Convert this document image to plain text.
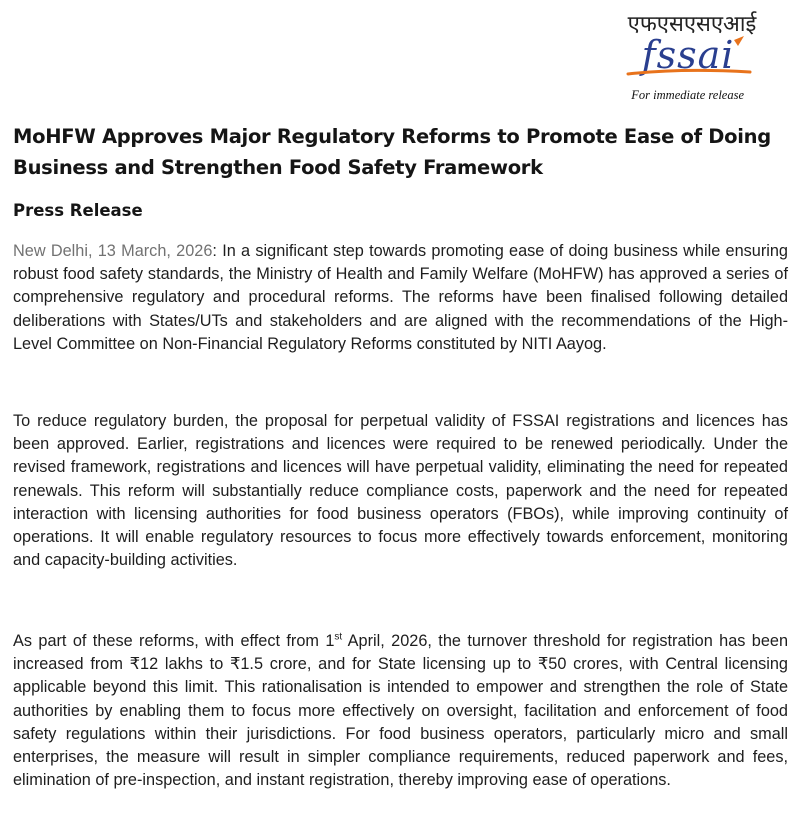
एफएसएसएआई
fssai
For immediate release
MoHFW Approves Major Regulatory Reforms to Promote Ease of Doing Business and Strengthen Food Safety Framework
Press Release

New Delhi, 13 March, 2026: In a significant step towards promoting ease of doing business while ensuring robust food safety standards, the Ministry of Health and Family Welfare (MoHFW) has approved a series of comprehensive regulatory and procedural reforms. The reforms have been finalised following detailed deliberations with States/UTs and stakeholders and are aligned with the recommendations of the High-Level Committee on Non-Financial Regulatory Reforms constituted by NITI Aayog.

To reduce regulatory burden, the proposal for perpetual validity of FSSAI registrations and licences has been approved. Earlier, registrations and licences were required to be renewed periodically. Under the revised framework, registrations and licences will have perpetual validity, eliminating the need for repeated renewals. This reform will substantially reduce compliance costs, paperwork and the need for repeated interaction with licensing authorities for food business operators (FBOs), while improving continuity of operations. It will enable regulatory resources to focus more effectively towards enforcement, monitoring and capacity-building activities.

As part of these reforms, with effect from 1st April, 2026, the turnover threshold for registration has been increased from ₹12 lakhs to ₹1.5 crore, and for State licensing up to ₹50 crores, with Central licensing applicable beyond this limit. This rationalisation is intended to empower and strengthen the role of State authorities by enabling them to focus more effectively on oversight, facilitation and enforcement of food safety regulations within their jurisdictions. For food business operators, particularly micro and small enterprises, the measure will result in simpler compliance requirements, reduced paperwork and fees, elimination of pre-inspection, and instant registration, thereby improving ease of operations.
